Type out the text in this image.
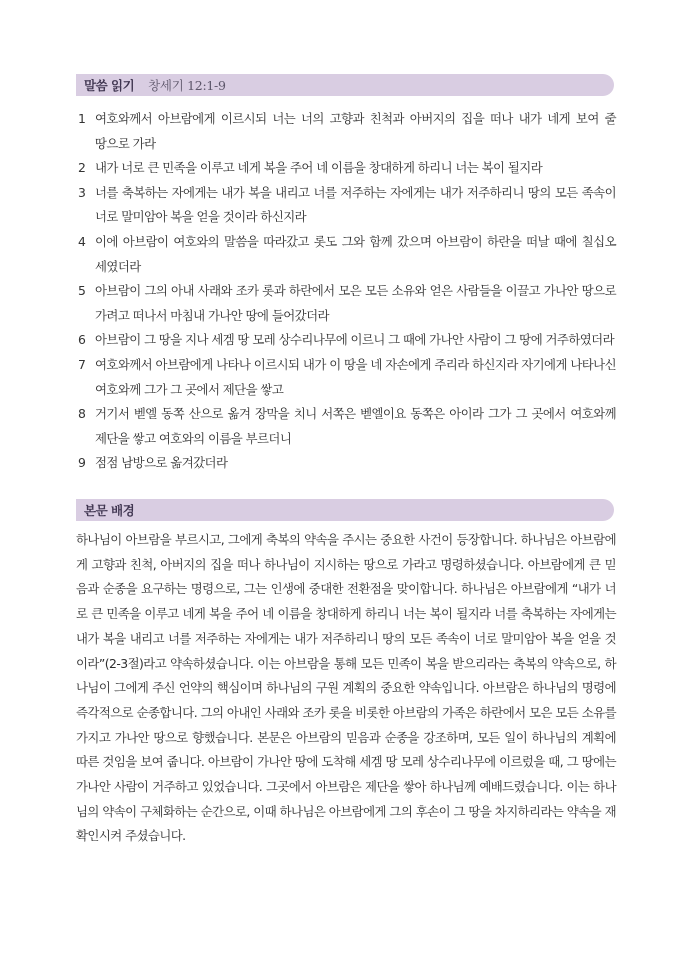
말씀 읽기 창세기 12:1-9
1 여호와께서 아브람에게 이르시되 너는 너의 고향과 친척과 아버지의 집을 떠나 내가 네게 보여 줄 땅으로 가라
2 내가 너로 큰 민족을 이루고 네게 복을 주어 네 이름을 창대하게 하리니 너는 복이 될지라
3 너를 축복하는 자에게는 내가 복을 내리고 너를 저주하는 자에게는 내가 저주하리니 땅의 모든 족속이 너로 말미암아 복을 얻을 것이라 하신지라
4 이에 아브람이 여호와의 말씀을 따라갔고 롯도 그와 함께 갔으며 아브람이 하란을 떠날 때에 칠십오 세였더라
5 아브람이 그의 아내 사래와 조카 롯과 하란에서 모은 모든 소유와 얻은 사람들을 이끌고 가나안 땅으로 가려고 떠나서 마침내 가나안 땅에 들어갔더라
6 아브람이 그 땅을 지나 세겜 땅 모레 상수리나무에 이르니 그 때에 가나안 사람이 그 땅에 거주하였더라
7 여호와께서 아브람에게 나타나 이르시되 내가 이 땅을 네 자손에게 주리라 하신지라 자기에게 나타나신 여호와께 그가 그 곳에서 제단을 쌓고
8 거기서 벧엘 동쪽 산으로 옮겨 장막을 치니 서쪽은 벧엘이요 동쪽은 아이라 그가 그 곳에서 여호와께 제단을 쌓고 여호와의 이름을 부르더니
9 점점 남방으로 옮겨갔더라
본문 배경

하나님이 아브람을 부르시고, 그에게 축복의 약속을 주시는 중요한 사건이 등장합니다. 하나님은 아브람에게 고향과 친척, 아버지의 집을 떠나 하나님이 지시하는 땅으로 가라고 명령하셨습니다. 아브람에게 큰 믿음과 순종을 요구하는 명령으로, 그는 인생에 중대한 전환점을 맞이합니다. 하나님은 아브람에게 “내가 너로 큰 민족을 이루고 네게 복을 주어 네 이름을 창대하게 하리니 너는 복이 될지라 너를 축복하는 자에게는 내가 복을 내리고 너를 저주하는 자에게는 내가 저주하리니 땅의 모든 족속이 너로 말미암아 복을 얻을 것이라”(2-3절)라고 약속하셨습니다. 이는 아브람을 통해 모든 민족이 복을 받으리라는 축복의 약속으로, 하나님이 그에게 주신 언약의 핵심이며 하나님의 구원 계획의 중요한 약속입니다. 아브람은 하나님의 명령에 즉각적으로 순종합니다. 그의 아내인 사래와 조카 롯을 비롯한 아브람의 가족은 하란에서 모은 모든 소유를 가지고 가나안 땅으로 향했습니다. 본문은 아브람의 믿음과 순종을 강조하며, 모든 일이 하나님의 계획에 따른 것임을 보여 줍니다. 아브람이 가나안 땅에 도착해 세겜 땅 모레 상수리나무에 이르렀을 때, 그 땅에는 가나안 사람이 거주하고 있었습니다. 그곳에서 아브람은 제단을 쌓아 하나님께 예배드렸습니다. 이는 하나님의 약속이 구체화하는 순간으로, 이때 하나님은 아브람에게 그의 후손이 그 땅을 차지하리라는 약속을 재확인시켜 주셨습니다.
